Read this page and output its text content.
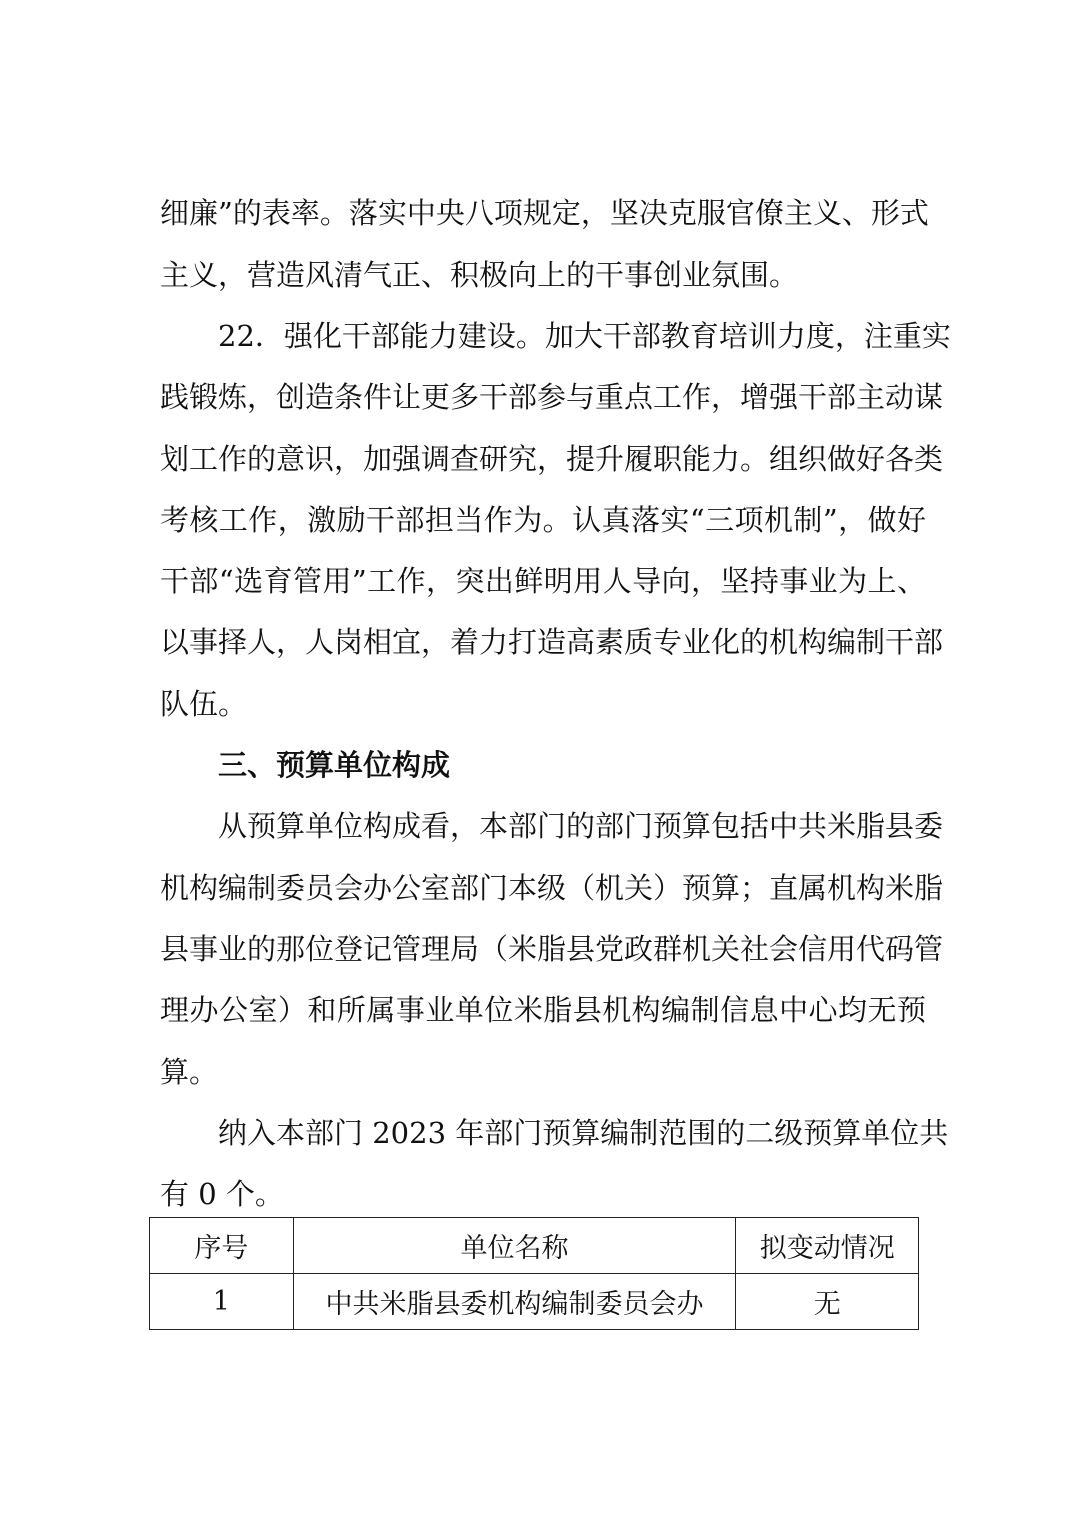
细廉”的表率。落实中央八项规定，坚决克服官僚主义、形式
主义，营造风清气正、积极向上的干事创业氛围。
22．强化干部能力建设。加大干部教育培训力度，注重实
践锻炼，创造条件让更多干部参与重点工作，增强干部主动谋
划工作的意识，加强调查研究，提升履职能力。组织做好各类
考核工作，激励干部担当作为。认真落实“三项机制”，做好
干部“选育管用”工作，突出鲜明用人导向，坚持事业为上、
以事择人，人岗相宜，着力打造高素质专业化的机构编制干部
队伍。
三、预算单位构成
从预算单位构成看，本部门的部门预算包括中共米脂县委
机构编制委员会办公室部门本级（机关）预算；直属机构米脂
县事业的那位登记管理局（米脂县党政群机关社会信用代码管
理办公室）和所属事业单位米脂县机构编制信息中心均无预
算。
纳入本部门 2023 年部门预算编制范围的二级预算单位共
有 0 个。
序号	单位名称	拟变动情况
1	中共米脂县委机构编制委员会办	无
